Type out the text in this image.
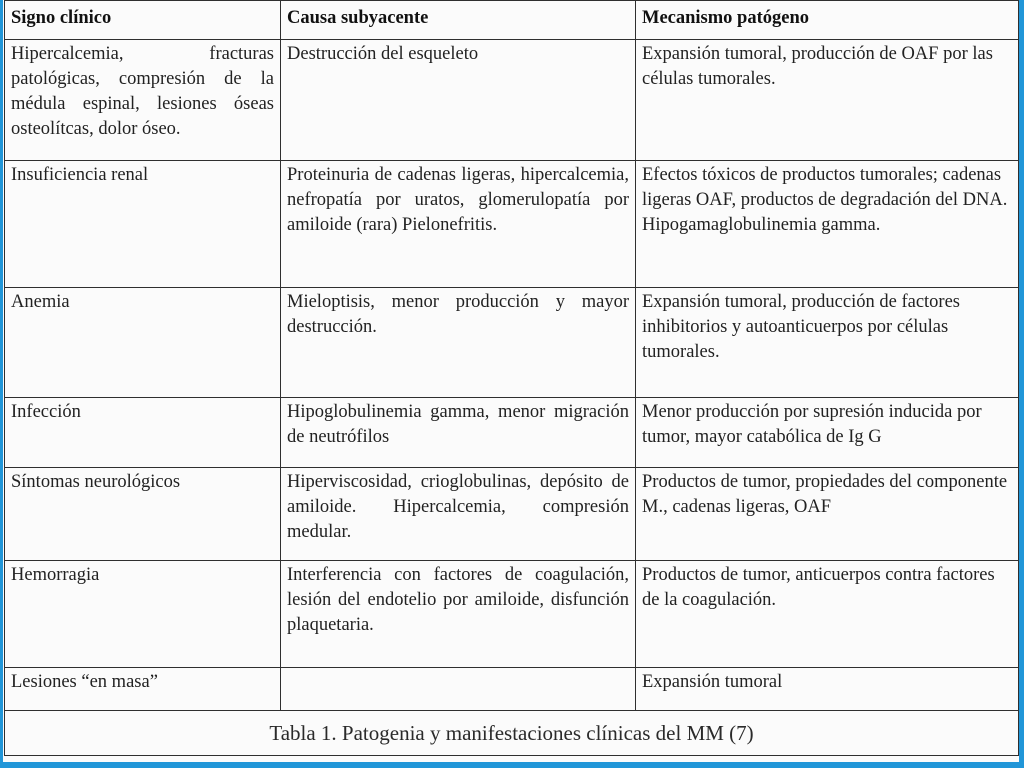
Signo clínico	Causa subyacente	Mecanismo patógeno
Hipercalcemia, fracturas patológicas, compresión de la médula espinal, lesiones óseas osteolítcas, dolor óseo.	Destrucción del esqueleto	Expansión tumoral, producción de OAF por las células tumorales.
Insuficiencia renal	Proteinuria de cadenas ligeras, hipercalcemia, nefropatía por uratos, glomerulopatía por amiloide (rara) Pielonefritis.	Efectos tóxicos de productos tumorales; cadenas ligeras OAF, productos de degradación del DNA. Hipogamaglobulinemia gamma.
Anemia	Mieloptisis, menor producción y mayor destrucción.	Expansión tumoral, producción de factores inhibitorios y autoanticuerpos por células tumorales.
Infección	Hipoglobulinemia gamma, menor migración de neutrófilos	Menor producción por supresión inducida por tumor, mayor catabólica de Ig G
Síntomas neurológicos	Hiperviscosidad, crioglobulinas, depósito de amiloide. Hipercalcemia, compresión medular.	Productos de tumor, propiedades del componente M., cadenas ligeras, OAF
Hemorragia	Interferencia con factores de coagulación, lesión del endotelio por amiloide, disfunción plaquetaria.	Productos de tumor, anticuerpos contra factores de la coagulación.
Lesiones “en masa”		Expansión tumoral
Tabla 1. Patogenia y manifestaciones clínicas del MM (7)		
